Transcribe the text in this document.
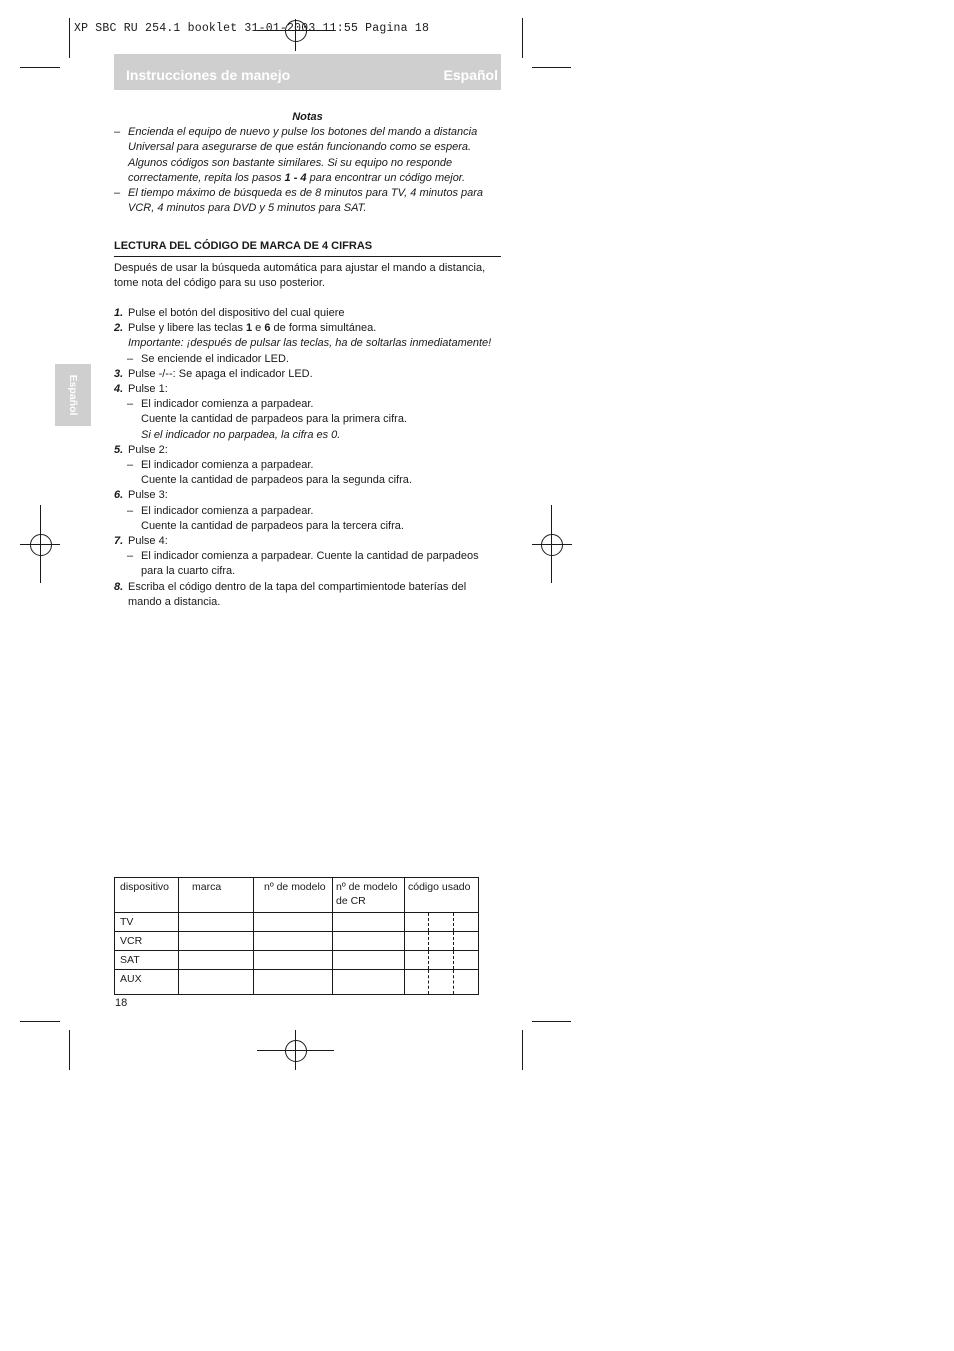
XP SBC RU 254.1 booklet 31-01-2003 11:55 Pagina 18
Instrucciones de manejo	Español
Español
Notas
– Encienda el equipo de nuevo y pulse los botones del mando a distancia Universal para asegurarse de que están funcionando como se espera. Algunos códigos son bastante similares. Si su equipo no responde correctamente, repita los pasos 1 - 4 para encontrar un código mejor.
– El tiempo máximo de búsqueda es de 8 minutos para TV, 4 minutos para VCR, 4 minutos para DVD y 5 minutos para SAT.
LECTURA DEL CÓDIGO DE MARCA DE 4 CIFRAS
Después de usar la búsqueda automática para ajustar el mando a distancia, tome nota del código para su uso posterior.
1. Pulse el botón del dispositivo del cual quiere
2. Pulse y libere las teclas 1 e 6 de forma simultánea.
Importante: ¡después de pulsar las teclas, ha de soltarlas inmediatamente!
– Se enciende el indicador LED.
3. Pulse -/--: Se apaga el indicador LED.
4. Pulse 1:
– El indicador comienza a parpadear.
Cuente la cantidad de parpadeos para la primera cifra.
Si el indicador no parpadea, la cifra es 0.
5. Pulse 2:
– El indicador comienza a parpadear.
Cuente la cantidad de parpadeos para la segunda cifra.
6. Pulse 3:
– El indicador comienza a parpadear.
Cuente la cantidad de parpadeos para la tercera cifra.
7. Pulse 4:
– El indicador comienza a parpadear. Cuente la cantidad de parpadeos para la cuarto cifra.
8. Escriba el código dentro de la tapa del compartimientode baterías del mando a distancia.
dispositivo	marca	nº de modelo	nº de modelo de CR	código usado
TV				

VCR				

SAT				

AUX				
18
